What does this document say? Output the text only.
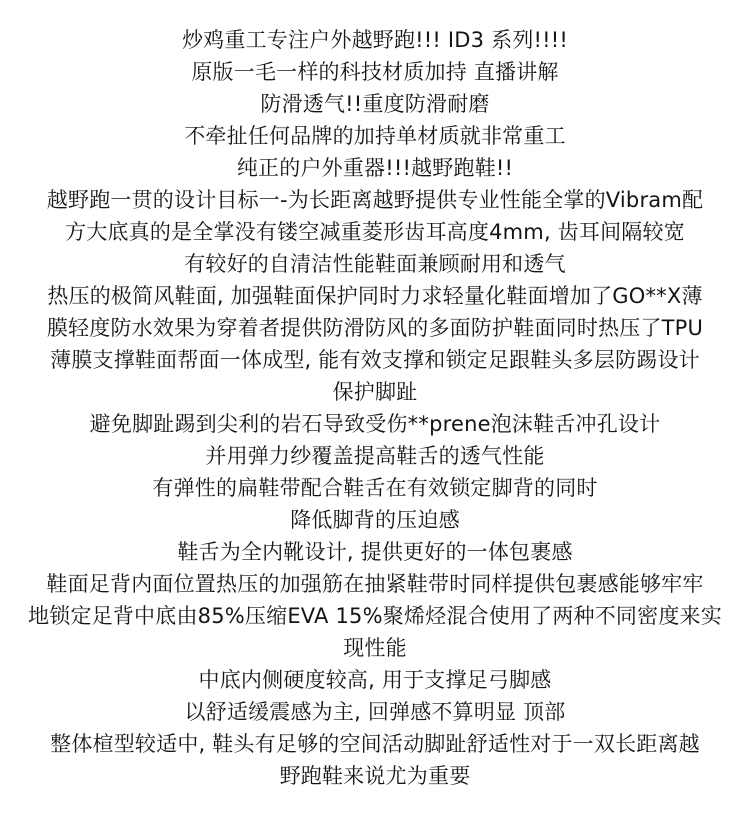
炒鸡重工专注户外越野跑!!! ID3 系列!!!!
原版一毛一样的科技材质加持 直播讲解
防滑透气!!重度防滑耐磨
不牵扯任何品牌的加持单材质就非常重工
纯正的户外重器!!!越野跑鞋!!
越野跑一贯的设计目标一-为长距离越野提供专业性能全掌的Vibram配
方大底真的是全掌没有镂空减重菱形齿耳高度4mm, 齿耳间隔较宽
有较好的自清洁性能鞋面兼顾耐用和透气
热压的极简风鞋面, 加强鞋面保护同时力求轻量化鞋面增加了GO**X薄
膜轻度防水效果为穿着者提供防滑防风的多面防护鞋面同时热压了TPU
薄膜支撑鞋面帮面一体成型, 能有效支撑和锁定足跟鞋头多层防踢设计
保护脚趾
避免脚趾踢到尖利的岩石导致受伤**prene泡沫鞋舌冲孔设计
并用弹力纱覆盖提高鞋舌的透气性能
有弹性的扁鞋带配合鞋舌在有效锁定脚背的同时
降低脚背的压迫感
鞋舌为全内靴设计, 提供更好的一体包裹感
鞋面足背内面位置热压的加强筋在抽紧鞋带时同样提供包裹感能够牢牢
地锁定足背中底由85%压缩EVA 15%聚烯烃混合使用了两种不同密度来实
现性能
中底内侧硬度较高, 用于支撑足弓脚感
以舒适缓震感为主, 回弹感不算明显 顶部
整体楦型较适中, 鞋头有足够的空间活动脚趾舒适性对于一双长距离越
野跑鞋来说尤为重要
